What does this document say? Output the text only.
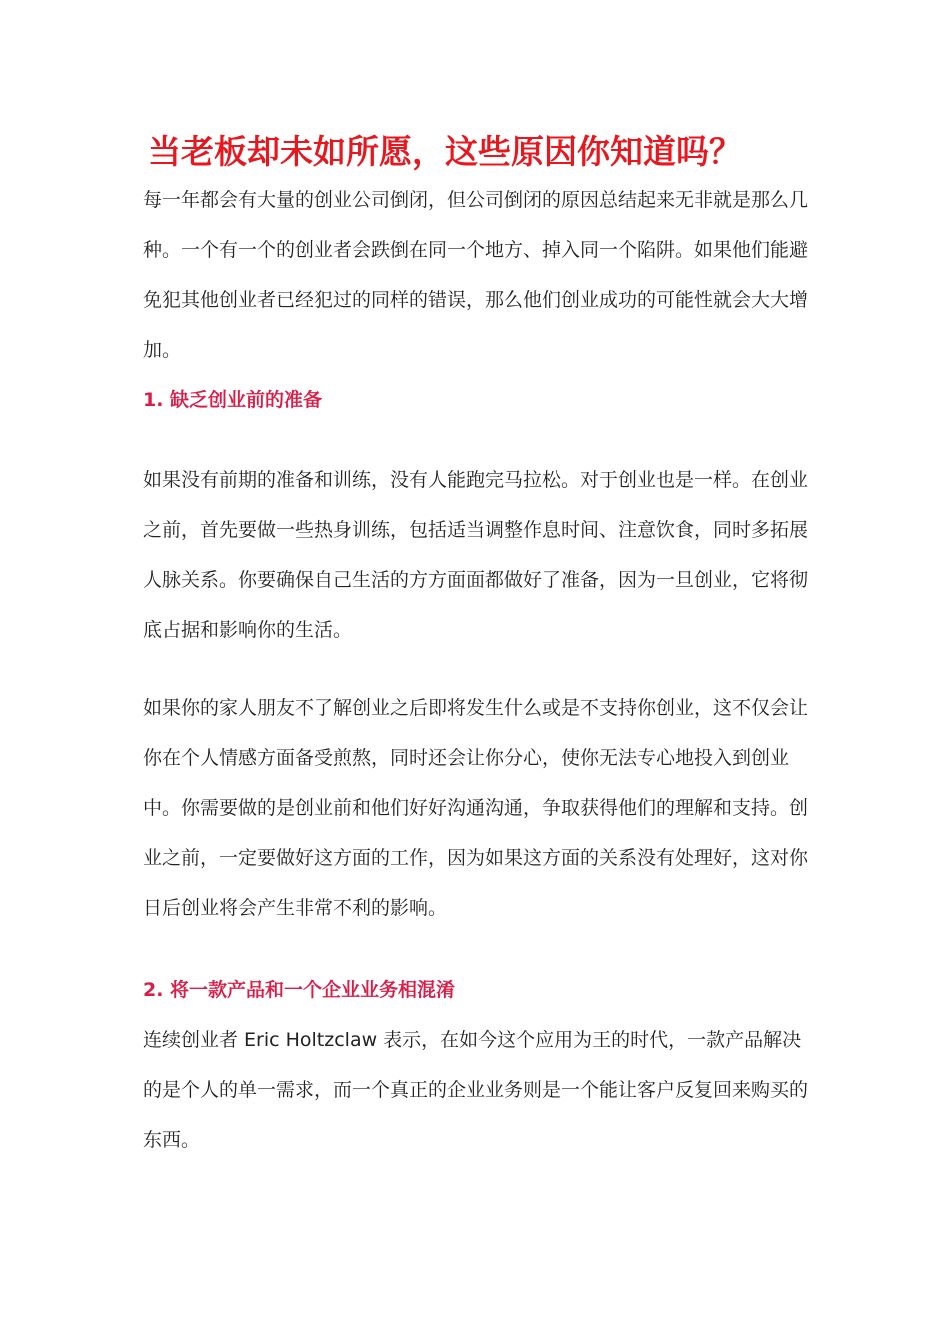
当老板却未如所愿，这些原因你知道吗？

每一年都会有大量的创业公司倒闭，但公司倒闭的原因总结起来无非就是那么几种。一个有一个的创业者会跌倒在同一个地方、掉入同一个陷阱。如果他们能避免犯其他创业者已经犯过的同样的错误，那么他们创业成功的可能性就会大大增加。

1. 缺乏创业前的准备

如果没有前期的准备和训练，没有人能跑完马拉松。对于创业也是一样。在创业之前，首先要做一些热身训练，包括适当调整作息时间、注意饮食，同时多拓展人脉关系。你要确保自己生活的方方面面都做好了准备，因为一旦创业，它将彻底占据和影响你的生活。

如果你的家人朋友不了解创业之后即将发生什么或是不支持你创业，这不仅会让你在个人情感方面备受煎熬，同时还会让你分心，使你无法专心地投入到创业中。你需要做的是创业前和他们好好沟通沟通，争取获得他们的理解和支持。创业之前，一定要做好这方面的工作，因为如果这方面的关系没有处理好，这对你日后创业将会产生非常不利的影响。

2. 将一款产品和一个企业业务相混淆

连续创业者 Eric Holtzclaw 表示，在如今这个应用为王的时代，一款产品解决的是个人的单一需求，而一个真正的企业业务则是一个能让客户反复回来购买的东西。
